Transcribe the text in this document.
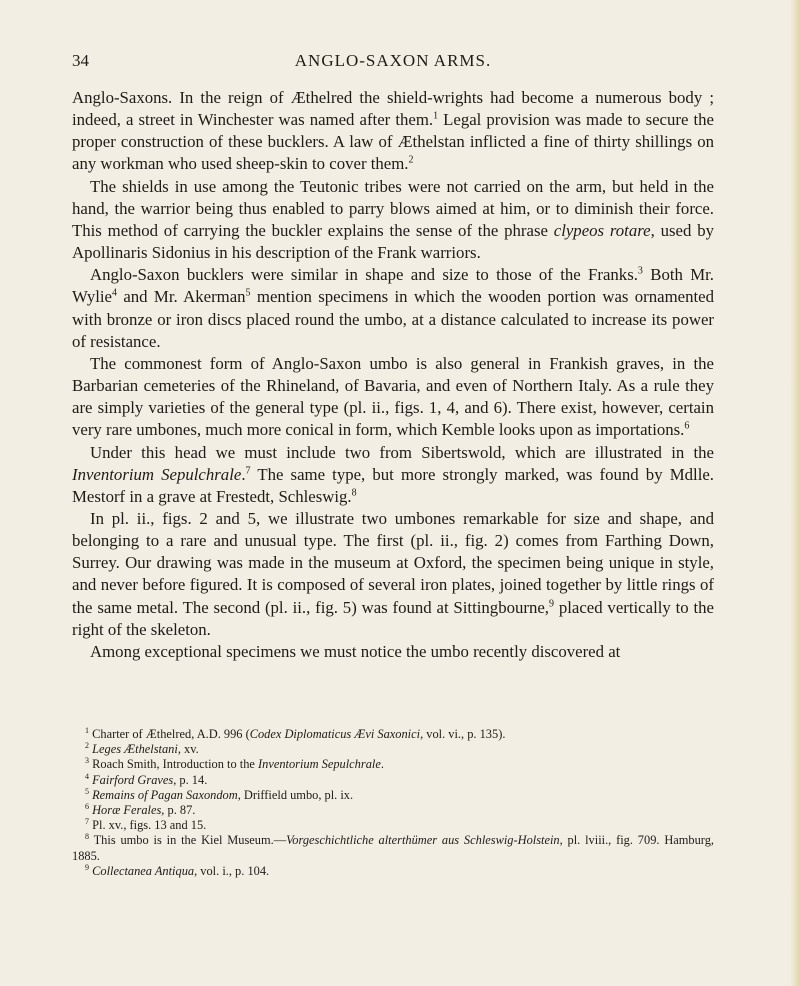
34	ANGLO-SAXON ARMS.

Anglo-Saxons. In the reign of Æthelred the shield-wrights had become a numerous body ; indeed, a street in Winchester was named after them.$^1$ Legal provision was made to secure the proper construction of these bucklers. A law of Æthelstan inflicted a fine of thirty shillings on any workman who used sheep-skin to cover them.$^2$

The shields in use among the Teutonic tribes were not carried on the arm, but held in the hand, the warrior being thus enabled to parry blows aimed at him, or to diminish their force. This method of carrying the buckler explains the sense of the phrase clypeos rotare, used by Apollinaris Sidonius in his description of the Frank warriors.

Anglo-Saxon bucklers were similar in shape and size to those of the Franks.$^3$ Both Mr. Wylie$^4$ and Mr. Akerman$^5$ mention specimens in which the wooden portion was ornamented with bronze or iron discs placed round the umbo, at a distance calculated to increase its power of resistance.

The commonest form of Anglo-Saxon umbo is also general in Frankish graves, in the Barbarian cemeteries of the Rhineland, of Bavaria, and even of Northern Italy. As a rule they are simply varieties of the general type (pl. ii., figs. 1, 4, and 6). There exist, however, certain very rare umbones, much more conical in form, which Kemble looks upon as importations.$^6$

Under this head we must include two from Sibertswold, which are illustrated in the Inventorium Sepulchrale.$^7$ The same type, but more strongly marked, was found by Mdlle. Mestorf in a grave at Frestedt, Schleswig.$^8$

In pl. ii., figs. 2 and 5, we illustrate two umbones remarkable for size and shape, and belonging to a rare and unusual type. The first (pl. ii., fig. 2) comes from Farthing Down, Surrey. Our drawing was made in the museum at Oxford, the specimen being unique in style, and never before figured. It is composed of several iron plates, joined together by little rings of the same metal. The second (pl. ii., fig. 5) was found at Sittingbourne,$^9$ placed vertically to the right of the skeleton.

Among exceptional specimens we must notice the umbo recently discovered at

$^1$ Charter of Æthelred, A.D. 996 (Codex Diplomaticus Ævi Saxonici, vol. vi., p. 135).

$^2$ Leges Æthelstani, xv.

$^3$ Roach Smith, Introduction to the Inventorium Sepulchrale.

$^4$ Fairford Graves, p. 14.

$^5$ Remains of Pagan Saxondom, Driffield umbo, pl. ix.

$^6$ Horæ Ferales, p. 87.

$^7$ Pl. xv., figs. 13 and 15.

$^8$ This umbo is in the Kiel Museum.—Vorgeschichtliche alterthümer aus Schleswig-Holstein, pl. lviii., fig. 709. Hamburg, 1885.

$^9$ Collectanea Antiqua, vol. i., p. 104.
